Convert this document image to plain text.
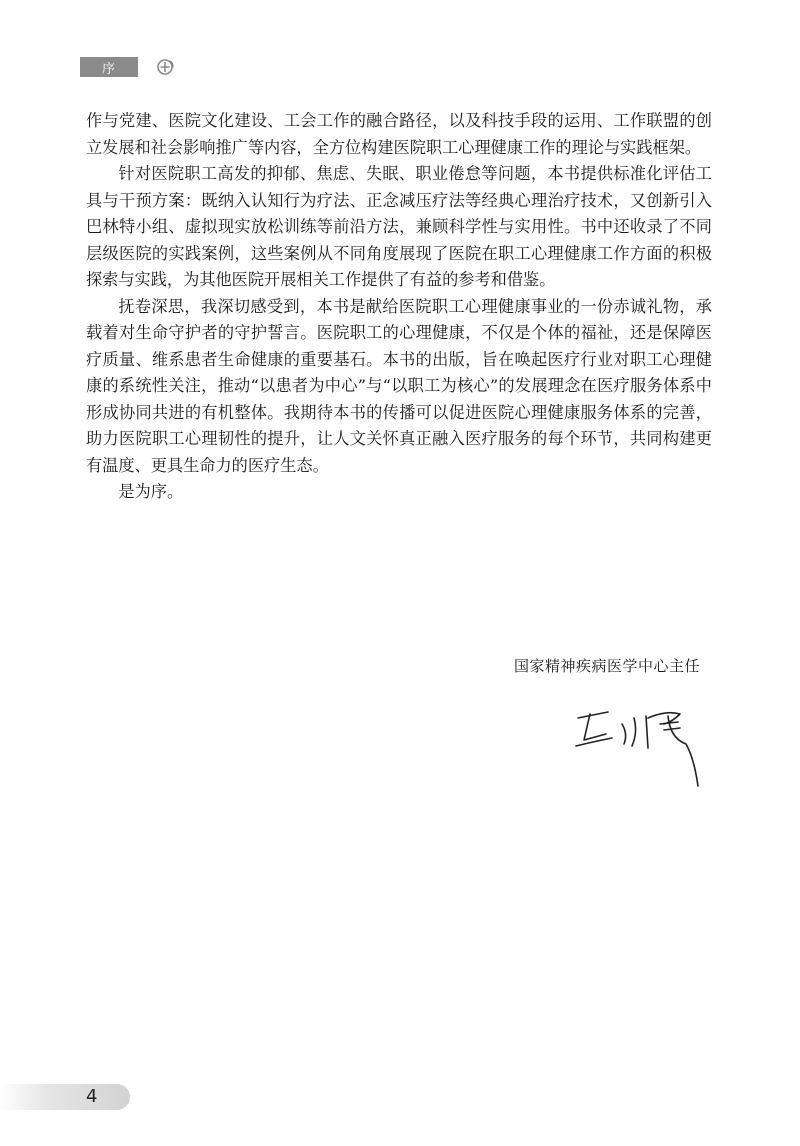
序

作与党建、医院文化建设、工会工作的融合路径，以及科技手段的运用、工作联盟的创立发展和社会影响推广等内容，全方位构建医院职工心理健康工作的理论与实践框架。

针对医院职工高发的抑郁、焦虑、失眠、职业倦怠等问题，本书提供标准化评估工具与干预方案：既纳入认知行为疗法、正念减压疗法等经典心理治疗技术，又创新引入巴林特小组、虚拟现实放松训练等前沿方法，兼顾科学性与实用性。书中还收录了不同层级医院的实践案例，这些案例从不同角度展现了医院在职工心理健康工作方面的积极探索与实践，为其他医院开展相关工作提供了有益的参考和借鉴。

抚卷深思，我深切感受到，本书是献给医院职工心理健康事业的一份赤诚礼物，承载着对生命守护者的守护誓言。医院职工的心理健康，不仅是个体的福祉，还是保障医疗质量、维系患者生命健康的重要基石。本书的出版，旨在唤起医疗行业对职工心理健康的系统性关注，推动“以患者为中心”与“以职工为核心”的发展理念在医疗服务体系中形成协同共进的有机整体。我期待本书的传播可以促进医院心理健康服务体系的完善，助力医院职工心理韧性的提升，让人文关怀真正融入医疗服务的每个环节，共同构建更有温度、更具生命力的医疗生态。

是为序。

国家精神疾病医学中心主任
4
